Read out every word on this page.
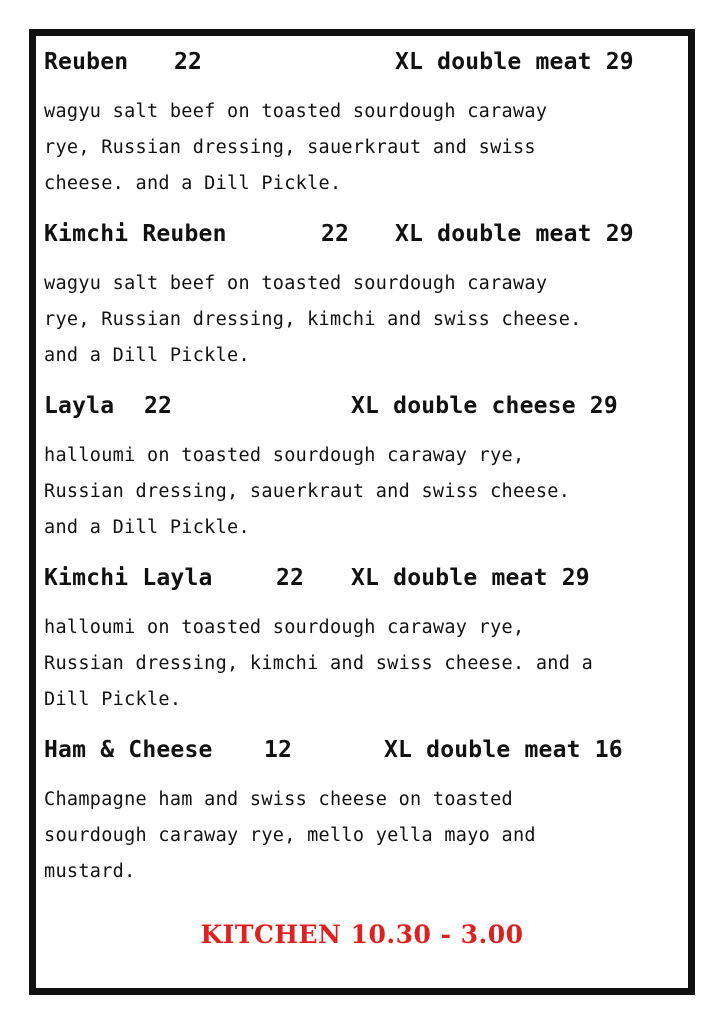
Reuben 22	XL double meat 29
wagyu salt beef on toasted sourdough caraway
rye, Russian dressing, sauerkraut and swiss
cheese. and a Dill Pickle.
Kimchi Reuben	22 XL double meat 29
wagyu salt beef on toasted sourdough caraway
rye, Russian dressing, kimchi and swiss cheese.
and a Dill Pickle.
Layla 22	XL double cheese 29
halloumi on toasted sourdough caraway rye,
Russian dressing, sauerkraut and swiss cheese.
and a Dill Pickle.
Kimchi Layla	22 XL double meat 29
halloumi on toasted sourdough caraway rye,
Russian dressing, kimchi and swiss cheese. and a
Dill Pickle.
Ham & Cheese 12	XL double meat 16
Champagne ham and swiss cheese on toasted
sourdough caraway rye, mello yella mayo and
mustard.
KITCHEN 10.30 - 3.00
